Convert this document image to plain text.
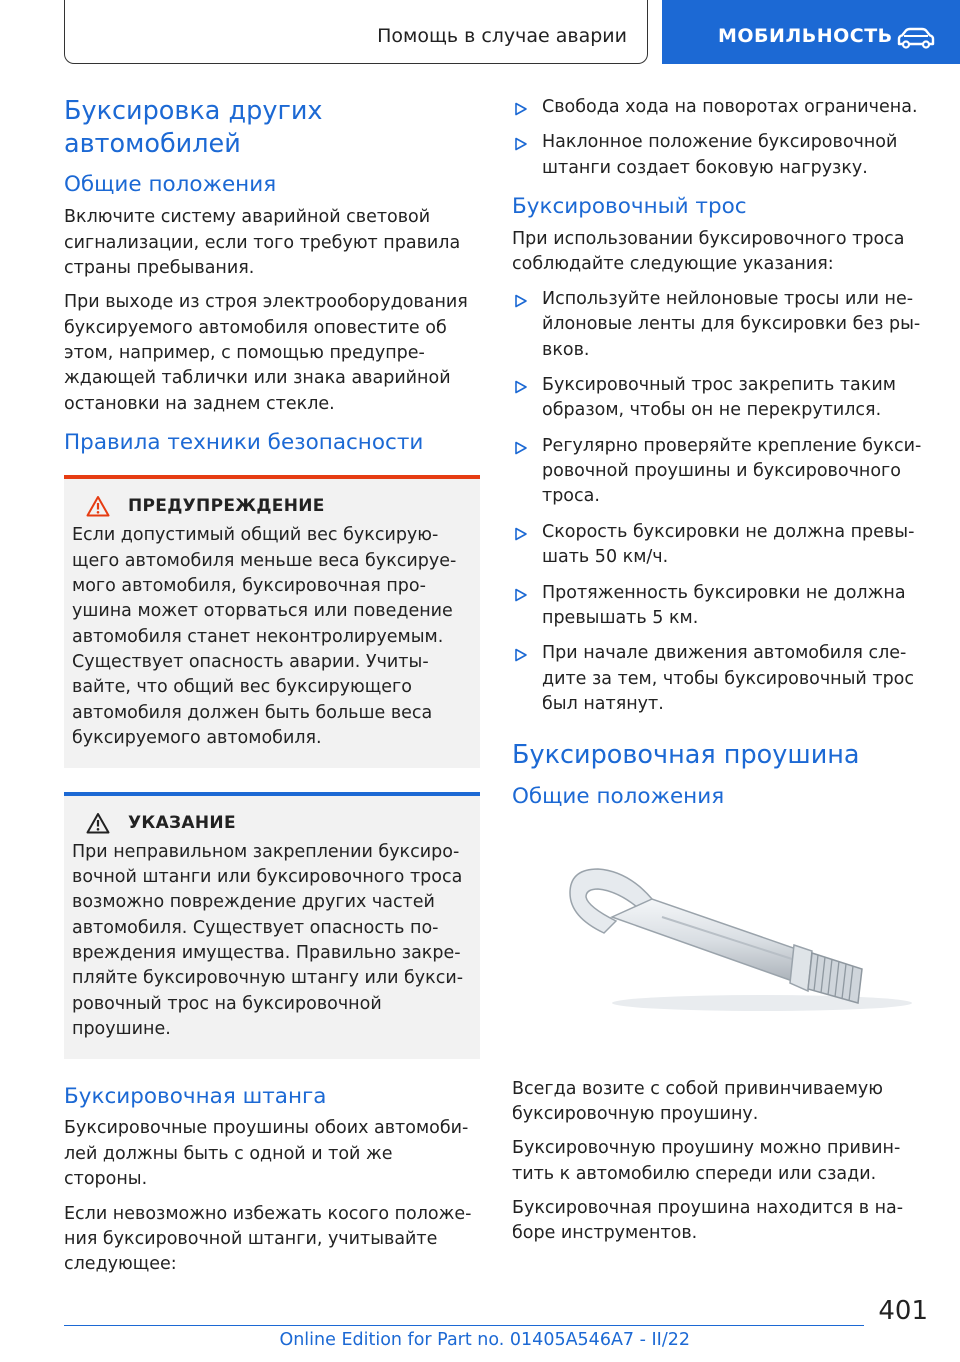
Помощь в случае аварии	МОБИЛЬНОСТЬ
Буксировка других автомобилей
Общие положения

Включите систему аварийной световой сигнализации, если того требуют правила страны пребывания.

При выходе из строя электрооборудования буксируемого автомобиля оповестите об этом, например, с помощью предупреждающей таблички или знака аварийной остановки на заднем стекле.

Правила техники безопасности
ПРЕДУПРЕЖДЕНИЕ

Если допустимый общий вес буксирующего автомобиля меньше веса буксируемого автомобиля, буксировочная проушина может оторваться или поведение автомобиля станет неконтролируемым. Существует опасность аварии. Учитывайте, что общий вес буксирующего автомобиля должен быть больше веса буксируемого автомобиля.

УКАЗАНИЕ

При неправильном закреплении буксировочной штанги или буксировочного троса возможно повреждение других частей автомобиля. Существует опасность повреждения имущества. Правильно закрепляйте буксировочную штангу или буксировочный трос на буксировочной проушине.

Буксировочная штанга

Буксировочные проушины обоих автомобилей должны быть с одной и той же стороны.

Если невозможно избежать косого положения буксировочной штанги, учитывайте следующее:

Свобода хода на поворотах ограничена.
Наклонное положение буксировочной штанги создает боковую нагрузку.
Буксировочный трос

При использовании буксировочного троса соблюдайте следующие указания:

Используйте нейлоновые тросы или нейлоновые ленты для буксировки без рывков.
Буксировочный трос закрепить таким образом, чтобы он не перекрутился.
Регулярно проверяйте крепление буксировочной проушины и буксировочного троса.
Скорость буксировки не должна превышать 50 км/ч.
Протяженность буксировки не должна превышать 5 км.
При начале движения автомобиля следите за тем, чтобы буксировочный трос был натянут.
Буксировочная проушина
Общие положения

Всегда возите с собой привинчиваемую буксировочную проушину.

Буксировочную проушину можно привинтить к автомобилю спереди или сзади.

Буксировочная проушина находится в наборе инструментов.

401
Online Edition for Part no. 01405A546A7 - II/22
